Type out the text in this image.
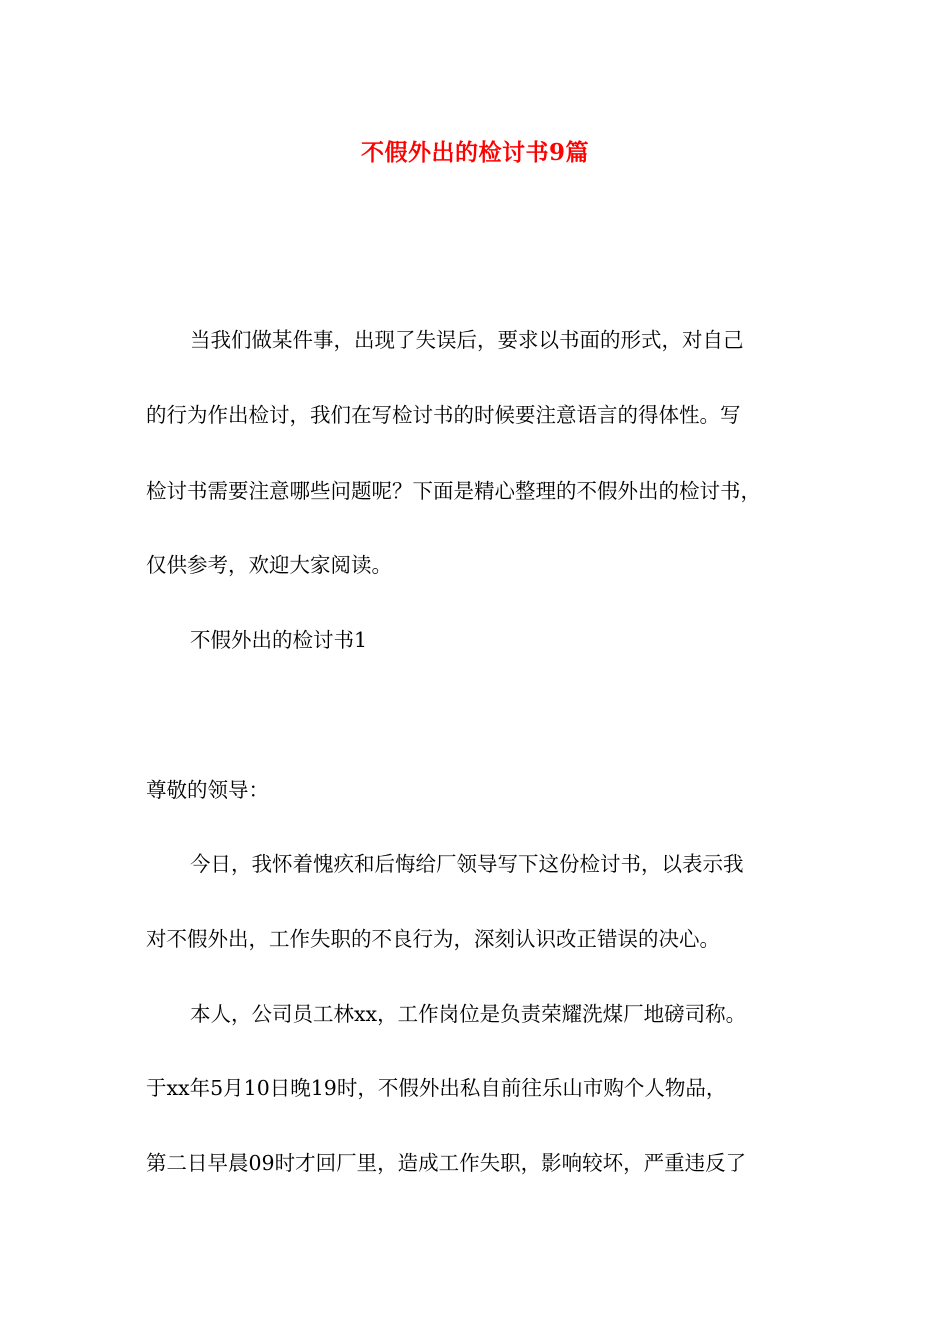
不假外出的检讨书9篇
当我们做某件事，出现了失误后，要求以书面的形式，对自己
的行为作出检讨，我们在写检讨书的时候要注意语言的得体性。写
检讨书需要注意哪些问题呢？下面是精心整理的不假外出的检讨书，
仅供参考，欢迎大家阅读。
不假外出的检讨书1
尊敬的领导：
今日，我怀着愧疚和后悔给厂领导写下这份检讨书，以表示我
对不假外出，工作失职的不良行为，深刻认识改正错误的决心。
本人，公司员工林xx，工作岗位是负责荣耀洗煤厂地磅司称。
于xx年5月10日晚19时，不假外出私自前往乐山市购个人物品，
第二日早晨09时才回厂里，造成工作失职，影响较坏，严重违反了
